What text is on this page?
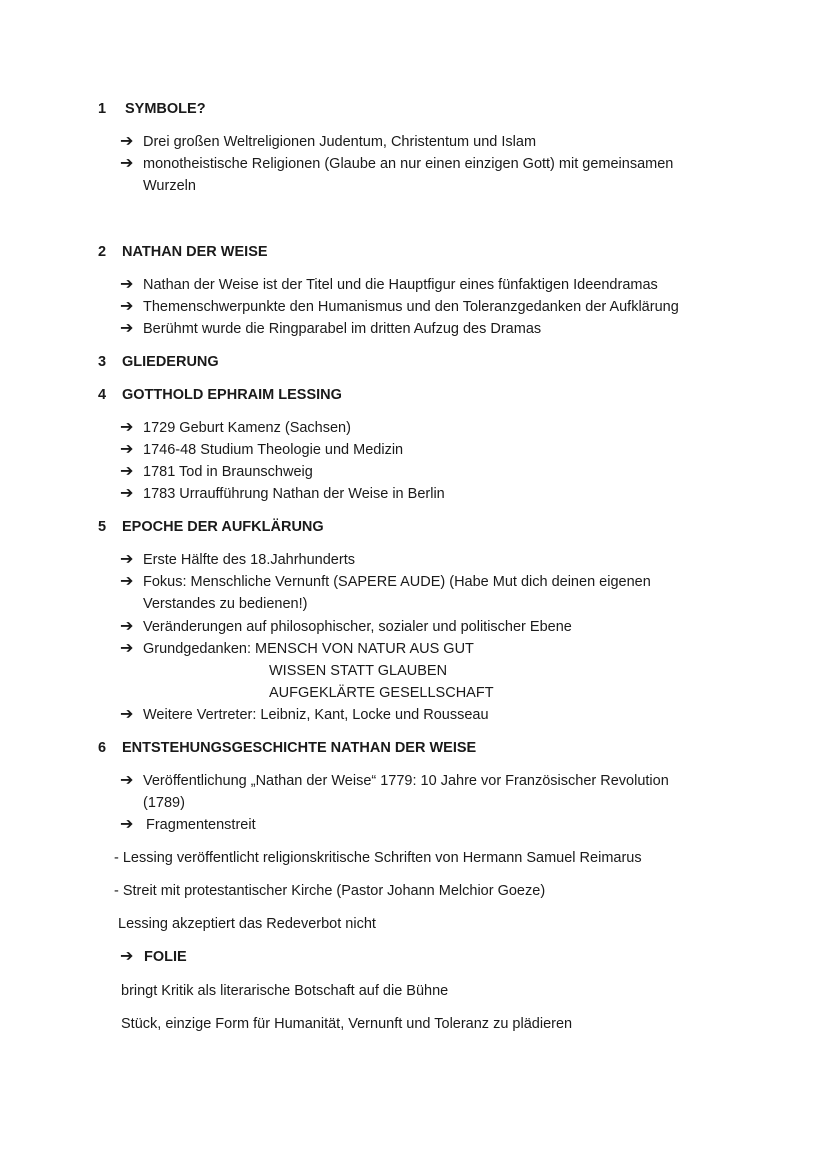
1 SYMBOLE?
➔ Drei großen Weltreligionen Judentum, Christentum und Islam
➔ monotheistische Religionen (Glaube an nur einen einzigen Gott) mit gemeinsamen
Wurzeln
2 NATHAN DER WEISE
➔ Nathan der Weise ist der Titel und die Hauptfigur eines fünfaktigen Ideendramas
➔ Themenschwerpunkte den Humanismus und den Toleranzgedanken der Aufklärung
➔ Berühmt wurde die Ringparabel im dritten Aufzug des Dramas
3 GLIEDERUNG
4 GOTTHOLD EPHRAIM LESSING
➔ 1729 Geburt Kamenz (Sachsen)
➔ 1746-48 Studium Theologie und Medizin
➔ 1781 Tod in Braunschweig
➔ 1783 Urraufführung Nathan der Weise in Berlin
5 EPOCHE DER AUFKLÄRUNG
➔ Erste Hälfte des 18.Jahrhunderts
➔ Fokus: Menschliche Vernunft (SAPERE AUDE) (Habe Mut dich deinen eigenen
Verstandes zu bedienen!)
➔ Veränderungen auf philosophischer, sozialer und politischer Ebene
➔ Grundgedanken: MENSCH VON NATUR AUS GUT
WISSEN STATT GLAUBEN
AUFGEKLÄRTE GESELLSCHAFT
➔ Weitere Vertreter: Leibniz, Kant, Locke und Rousseau
6 ENTSTEHUNGSGESCHICHTE NATHAN DER WEISE
➔ Veröffentlichung „Nathan der Weise“ 1779: 10 Jahre vor Französischer Revolution
(1789)
➔ Fragmentenstreit
- Lessing veröffentlicht religionskritische Schriften von Hermann Samuel Reimarus
- Streit mit protestantischer Kirche (Pastor Johann Melchior Goeze)
Lessing akzeptiert das Redeverbot nicht
➔ FOLIE
bringt Kritik als literarische Botschaft auf die Bühne
Stück, einzige Form für Humanität, Vernunft und Toleranz zu plädieren
